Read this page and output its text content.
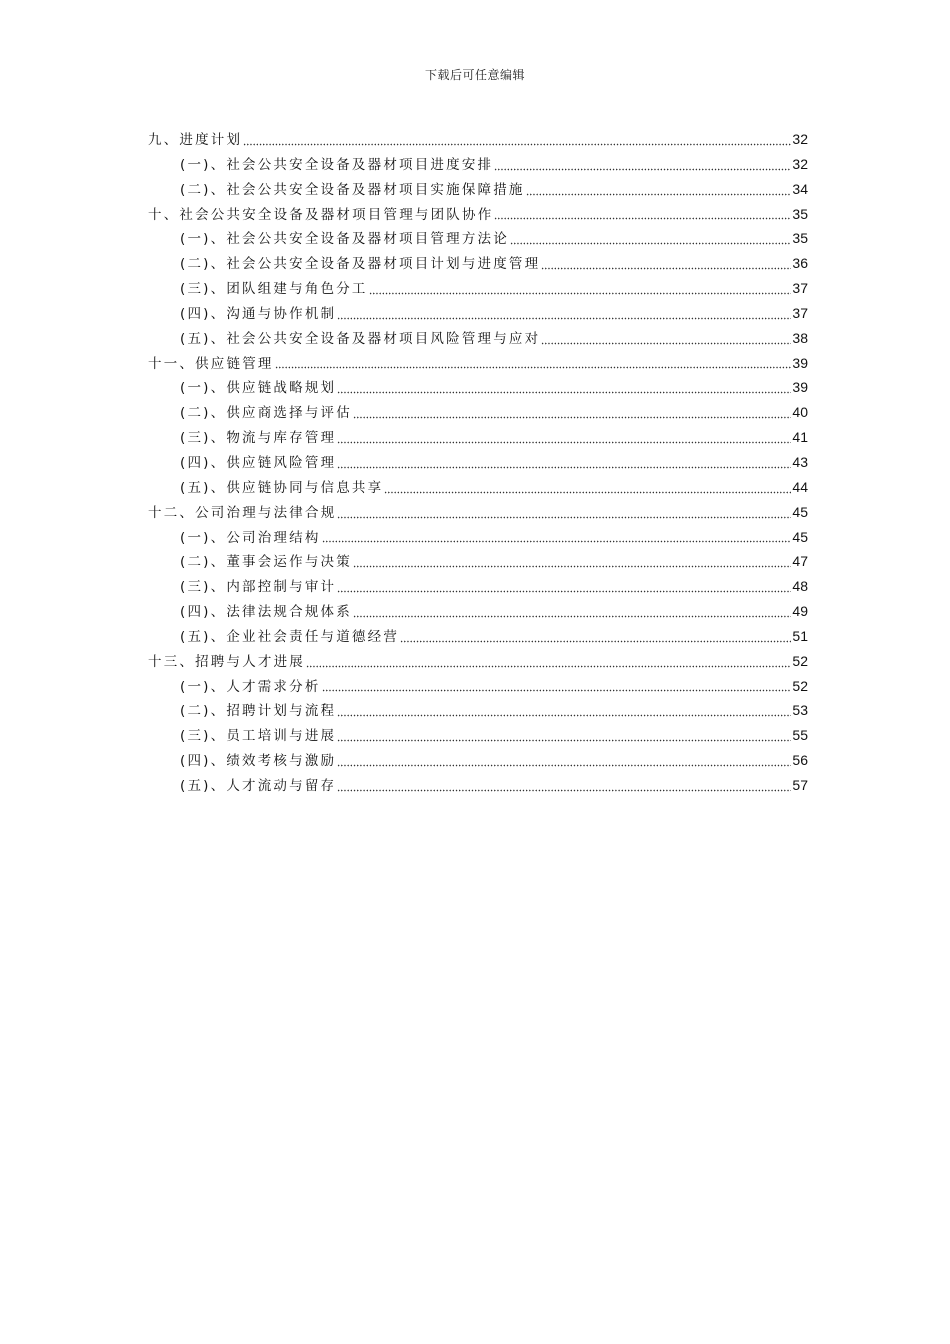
下载后可任意编辑
九、进度计划	32
(一)、社会公共安全设备及器材项目进度安排	32
(二)、社会公共安全设备及器材项目实施保障措施	34
十、社会公共安全设备及器材项目管理与团队协作	35
(一)、社会公共安全设备及器材项目管理方法论	35
(二)、社会公共安全设备及器材项目计划与进度管理	36
(三)、团队组建与角色分工	37
(四)、沟通与协作机制	37
(五)、社会公共安全设备及器材项目风险管理与应对	38
十一、供应链管理	39
(一)、供应链战略规划	39
(二)、供应商选择与评估	40
(三)、物流与库存管理	41
(四)、供应链风险管理	43
(五)、供应链协同与信息共享	44
十二、公司治理与法律合规	45
(一)、公司治理结构	45
(二)、董事会运作与决策	47
(三)、内部控制与审计	48
(四)、法律法规合规体系	49
(五)、企业社会责任与道德经营	51
十三、招聘与人才进展	52
(一)、人才需求分析	52
(二)、招聘计划与流程	53
(三)、员工培训与进展	55
(四)、绩效考核与激励	56
(五)、人才流动与留存	57
